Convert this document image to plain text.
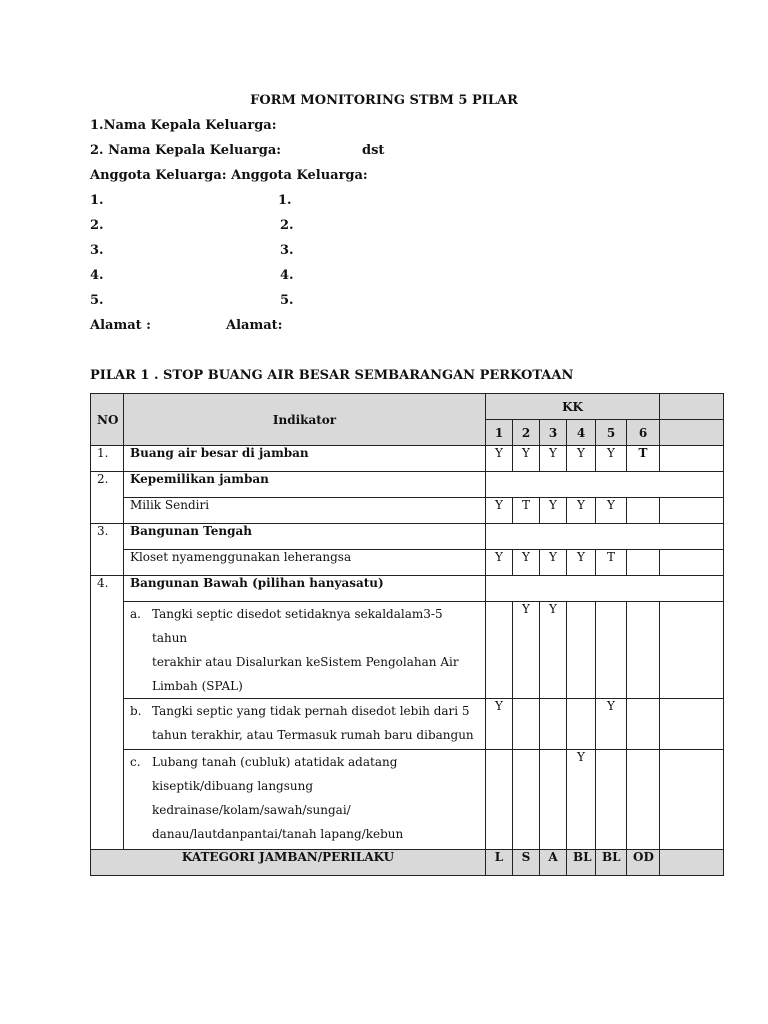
FORM MONITORING STBM 5 PILAR
1.Nama Kepala Keluarga:
2. Nama Kepala Keluarga:	dst
Anggota Keluarga: Anggota Keluarga:
1.	1.
2.	2.
3.	3.
4.	4.
5.	5.
Alamat :	Alamat:
PILAR 1 . STOP BUANG AIR BESAR SEMBARANGAN PERKOTAAN
NO	Indikator	KK						
		1	2	3	4	5	6	
1.	Buang air besar di jamban	Y	Y	Y	Y	Y	T	
2.	Kepemilikan jamban							
	Milik Sendiri	Y	T	Y	Y	Y		
3.	Bangunan Tengah							
	Kloset nyamenggunakan leherangsa	Y	Y	Y	Y	T		
4.	Bangunan Bawah (pilihan hanyasatu)							

	a. Tangki septic disedot setidaknya sekaldalam3-5 tahun
terakhir atau Disalurkan keSistem Pengolahan Air
Limbah (SPAL)		Y	Y				

	b. Tangki septic yang tidak pernah disedot lebih dari 5
tahun terakhir, atau Termasuk rumah baru dibangun	Y				Y		

	c. Lubang tanah (cubluk) atatidak adatang
kiseptik/dibuang langsung
kedrainase/kolam/sawah/sungai/
danau/lautdanpantai/tanah lapang/kebun				Y			
KATEGORI JAMBAN/PERILAKU		L	S	A	BL	BL	OD	
